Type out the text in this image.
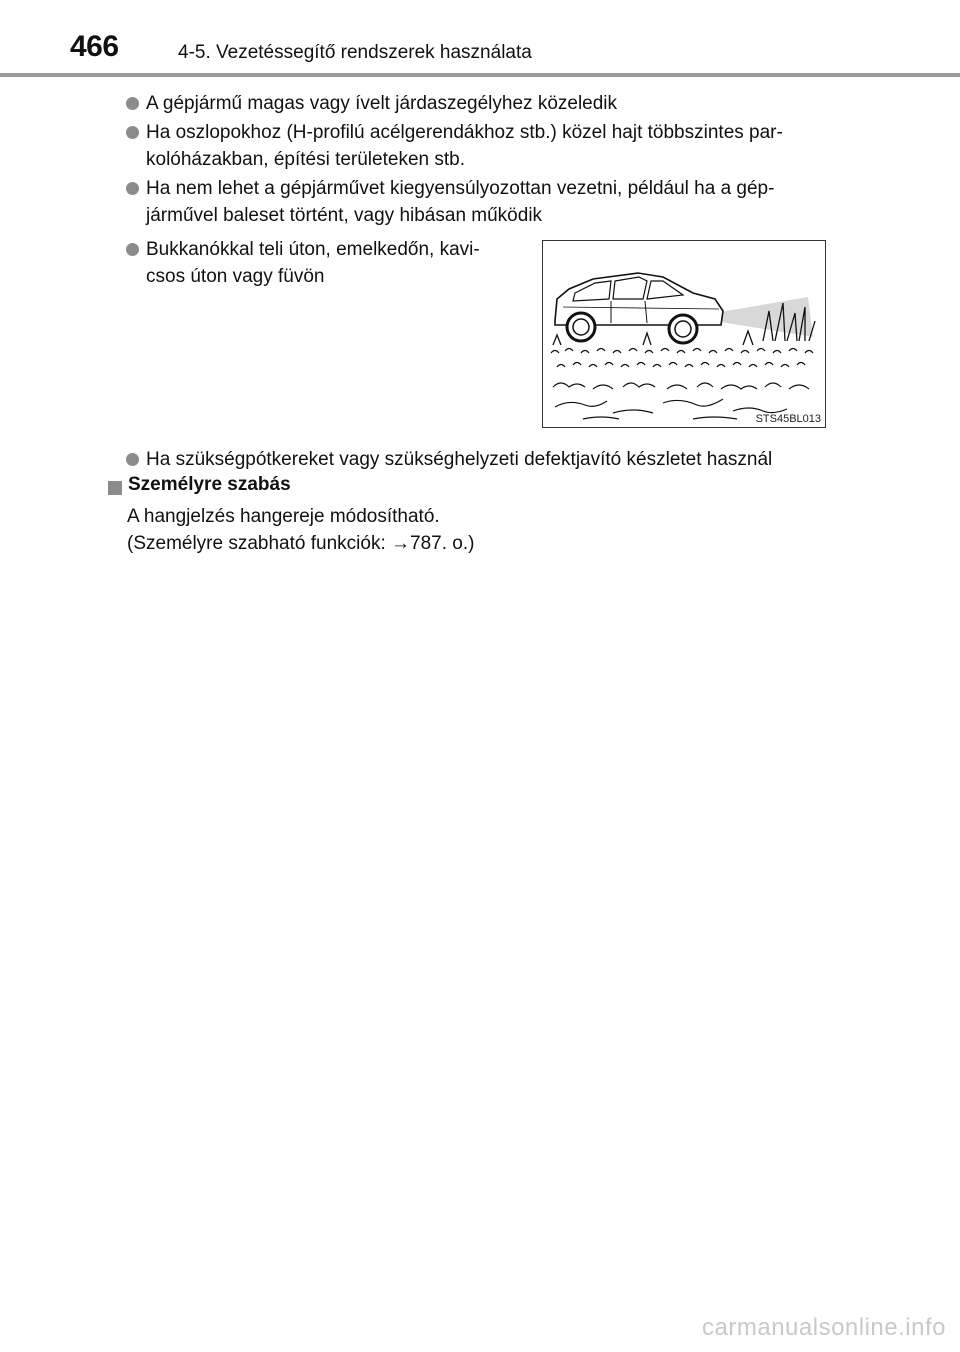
466	4-5. Vezetéssegítő rendszerek használata
A gépjármű magas vagy ívelt járdaszegélyhez közeledik
Ha oszlopokhoz (H-profilú acélgerendákhoz stb.) közel hajt többszintes par-
kolóházakban, építési területeken stb.
Ha nem lehet a gépjárművet kiegyensúlyozottan vezetni, például ha a gép-
járművel baleset történt, vagy hibásan működik
Bukkanókkal teli úton, emelkedőn, kavi-
csos úton vagy füvön
STS45BL013
Ha szükségpótkereket vagy szükséghelyzeti defektjavító készletet használ
Személyre szabás
A hangjelzés hangereje módosítható.
(Személyre szabható funkciók: →787. o.)
carmanualsonline.info
